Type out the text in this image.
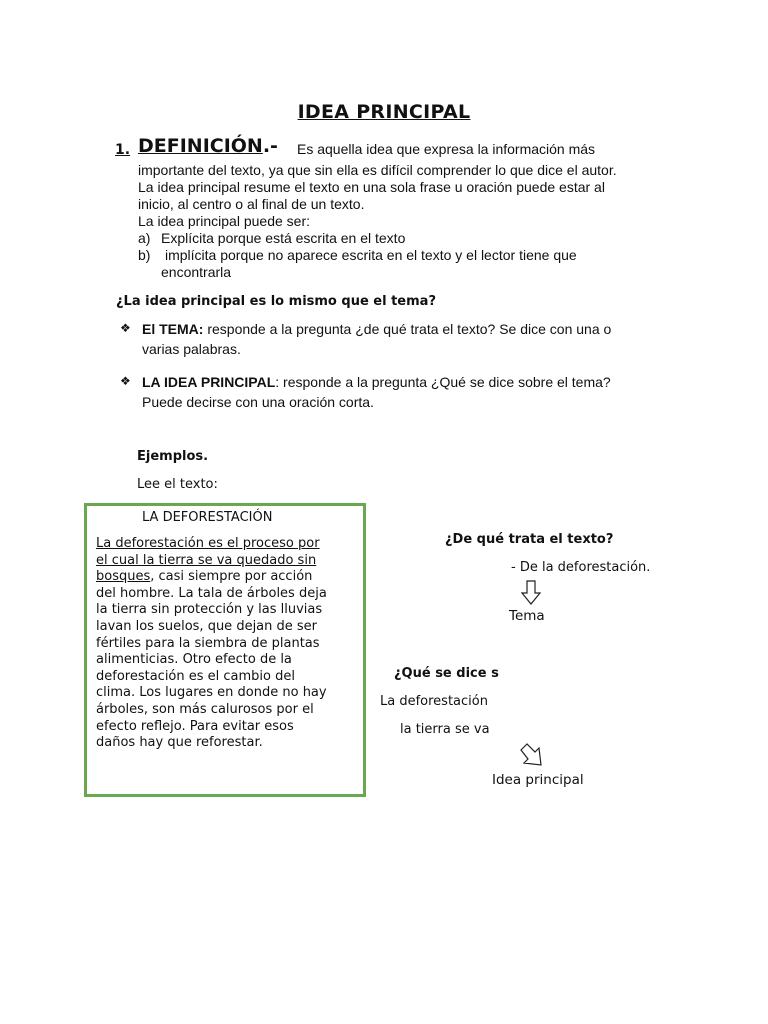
IDEA PRINCIPAL
1. DEFINICIÓN.- Es aquella idea que expresa la información más
importante del texto, ya que sin ella es difícil comprender lo que dice el autor.
La idea principal resume el texto en una sola frase u oración puede estar al
inicio, al centro o al final de un texto.
La idea principal puede ser:
a) Explícita porque está escrita en el texto
b) implícita porque no aparece escrita en el texto y el lector tiene que
encontrarla
¿La idea principal es lo mismo que el tema?
❖ El TEMA: responde a la pregunta ¿de qué trata el texto? Se dice con una o
varias palabras.
❖ LA IDEA PRINCIPAL: responde a la pregunta ¿Qué se dice sobre el tema?
Puede decirse con una oración corta.
Ejemplos.
Lee el texto:
LA DEFORESTACIÓN
La deforestación es el proceso por
el cual la tierra se va quedado sin
bosques, casi siempre por acción
del hombre. La tala de árboles deja
la tierra sin protección y las lluvias
lavan los suelos, que dejan de ser
fértiles para la siembra de plantas
alimenticias. Otro efecto de la
deforestación es el cambio del
clima. Los lugares en donde no hay
árboles, son más calurosos por el
efecto reflejo. Para evitar esos
daños hay que reforestar.
¿De qué trata el texto?
- De la deforestación.
Tema
¿Qué se dice s
La deforestación
la tierra se va
Idea principal
